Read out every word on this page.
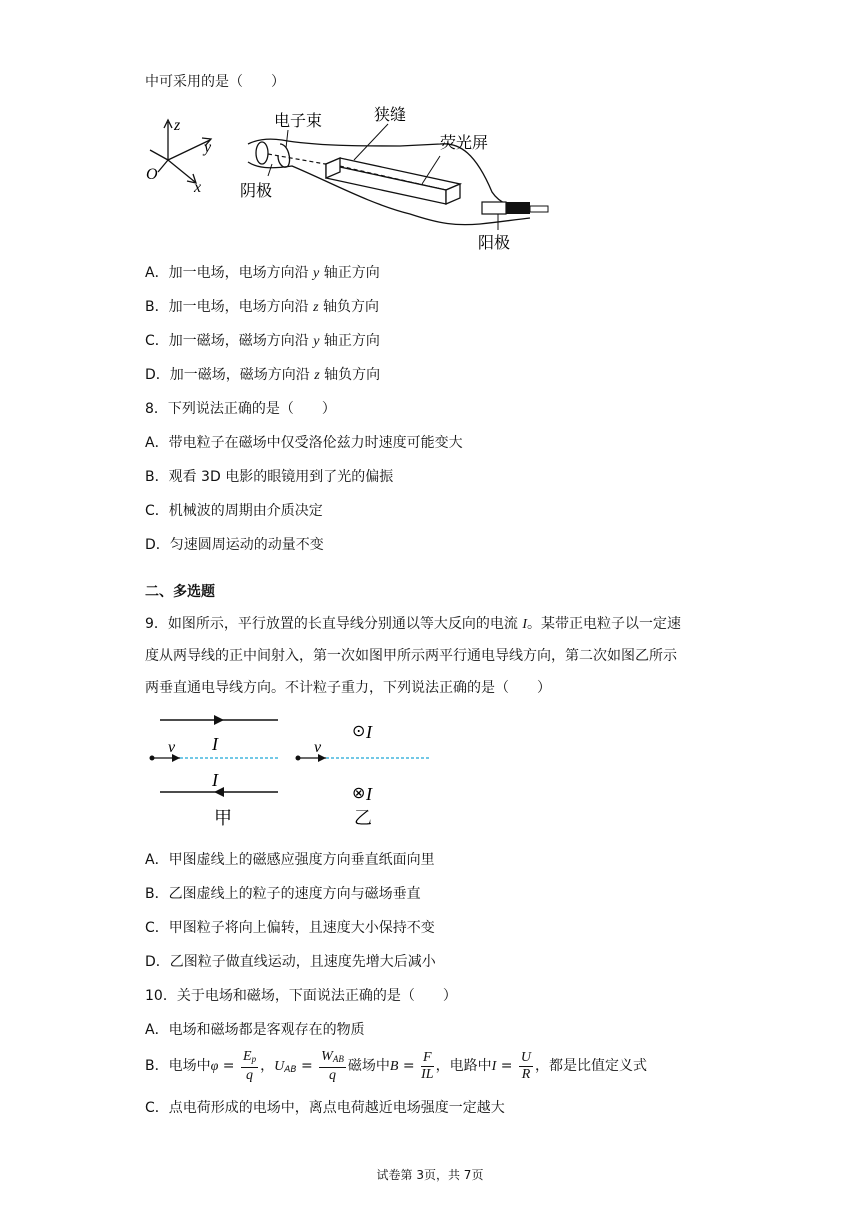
中可采用的是（　　）
z
y
x
O
电子束	狭缝
荧光屏
阴极
阳极
A．加一电场，电场方向沿 y 轴正方向
B．加一电场，电场方向沿 z 轴负方向
C．加一磁场，磁场方向沿 y 轴正方向
D．加一磁场，磁场方向沿 z 轴负方向
8．下列说法正确的是（　　）
A．带电粒子在磁场中仅受洛伦兹力时速度可能变大
B．观看 3D 电影的眼镜用到了光的偏振
C．机械波的周期由介质决定
D．匀速圆周运动的动量不变
二、多选题
9．如图所示，平行放置的长直导线分别通以等大反向的电流 I。某带正电粒子以一定速
度从两导线的正中间射入，第一次如图甲所示两平行通电导线方向，第二次如图乙所示
两垂直通电导线方向。不计粒子重力，下列说法正确的是（　　）
v I
I
甲
v
⊙ I
⊗ I
乙
A．甲图虚线上的磁感应强度方向垂直纸面向里
B．乙图虚线上的粒子的速度方向与磁场垂直
C．甲图粒子将向上偏转，且速度大小保持不变
D．乙图粒子做直线运动，且速度先增大后减小
10．关于电场和磁场，下面说法正确的是（　　）
A．电场和磁场都是客观存在的物质
B．电场中$\varphi = \frac{E_p}{q}$ ，$U_{AB} = \frac{W_{AB}}{q}$ 磁场中$B = \frac{F}{IL}$ ，电路中$I = \frac{U}{R}$ ，都是比值定义式
C．点电荷形成的电场中，离点电荷越近电场强度一定越大
试卷第 3页，共 7页
